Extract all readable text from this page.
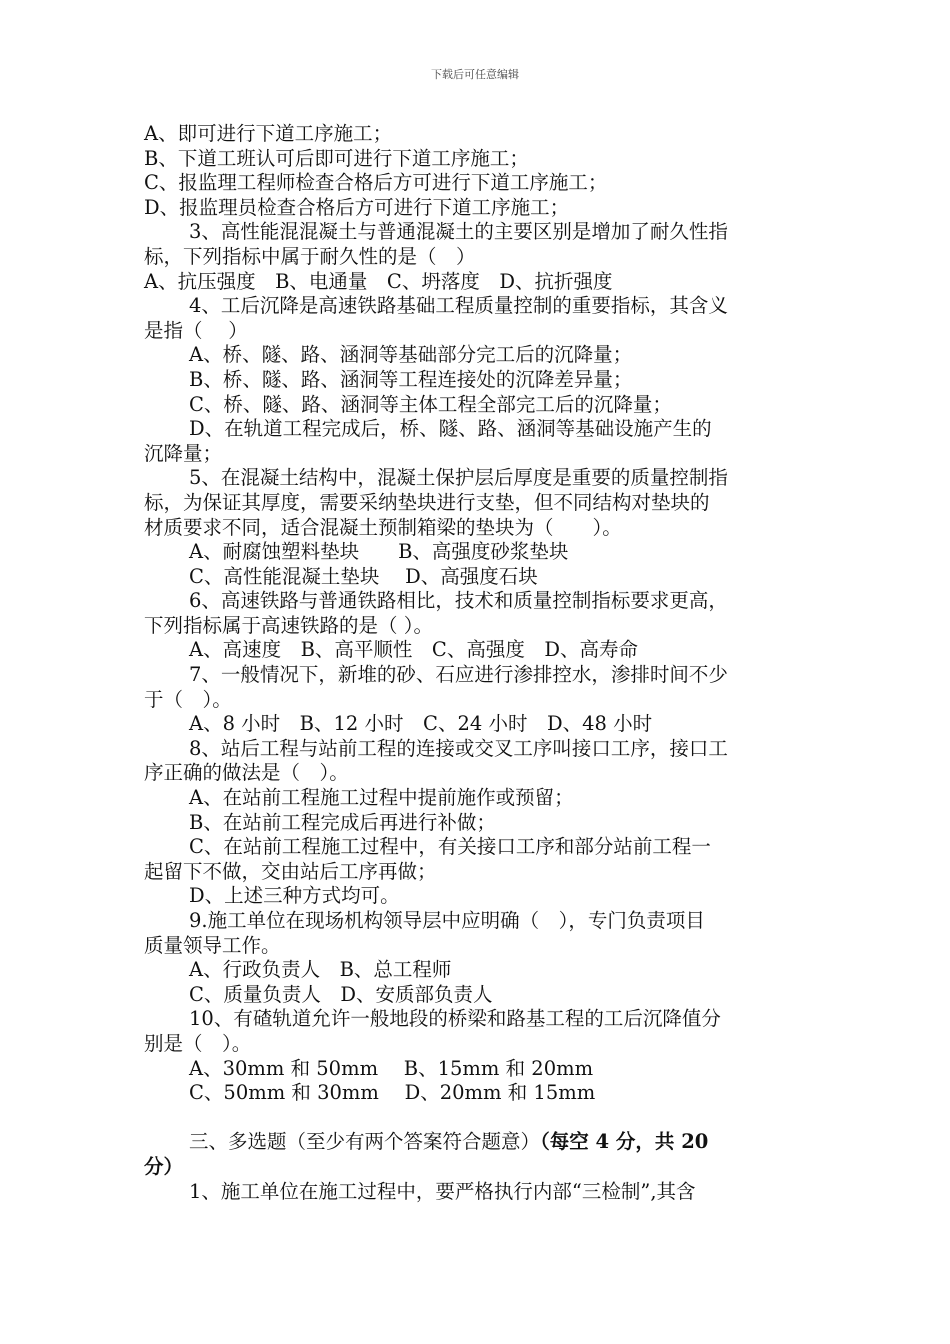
下载后可任意编辑
A、即可进行下道工序施工；
B、下道工班认可后即可进行下道工序施工；
C、报监理工程师检查合格后方可进行下道工序施工；
D、报监理员检查合格后方可进行下道工序施工；
3、高性能混混凝土与普通混凝土的主要区别是增加了耐久性指
标，下列指标中属于耐久性的是（　）
A、抗压强度　B、电通量　C、坍落度　D、抗折强度
4、工后沉降是高速铁路基础工程质量控制的重要指标，其含义
是指（　 ）
A、桥、隧、路、涵洞等基础部分完工后的沉降量；
B、桥、隧、路、涵洞等工程连接处的沉降差异量；
C、桥、隧、路、涵洞等主体工程全部完工后的沉降量；
D、在轨道工程完成后，桥、隧、路、涵洞等基础设施产生的
沉降量；
5、在混凝土结构中，混凝土保护层后厚度是重要的质量控制指
标，为保证其厚度，需要采纳垫块进行支垫，但不同结构对垫块的
材质要求不同，适合混凝土预制箱梁的垫块为（　　）。
A、耐腐蚀塑料垫块　　B、高强度砂浆垫块
C、高性能混凝土垫块　 D、高强度石块
6、高速铁路与普通铁路相比，技术和质量控制指标要求更高，
下列指标属于高速铁路的是（ ）。
A、高速度　B、高平顺性　C、高强度　D、高寿命
7、一般情况下，新堆的砂、石应进行渗排控水，渗排时间不少
于（　）。
A、8 小时　B、12 小时　C、24 小时　D、48 小时
8、站后工程与站前工程的连接或交叉工序叫接口工序，接口工
序正确的做法是（　）。
A、在站前工程施工过程中提前施作或预留；
B、在站前工程完成后再进行补做；
C、在站前工程施工过程中，有关接口工序和部分站前工程一
起留下不做，交由站后工序再做；
D、上述三种方式均可。
9.施工单位在现场机构领导层中应明确（　），专门负责项目
质量领导工作。
A、行政负责人　B、总工程师
C、质量负责人　D、安质部负责人
10、有碴轨道允许一般地段的桥梁和路基工程的工后沉降值分
别是（　）。
A、30mm 和 50mm　 B、15mm 和 20mm
C、50mm 和 30mm　 D、20mm 和 15mm
三、多选题（至少有两个答案符合题意）（每空 4 分，共 20
分）
1、施工单位在施工过程中，要严格执行内部“三检制”,其含
